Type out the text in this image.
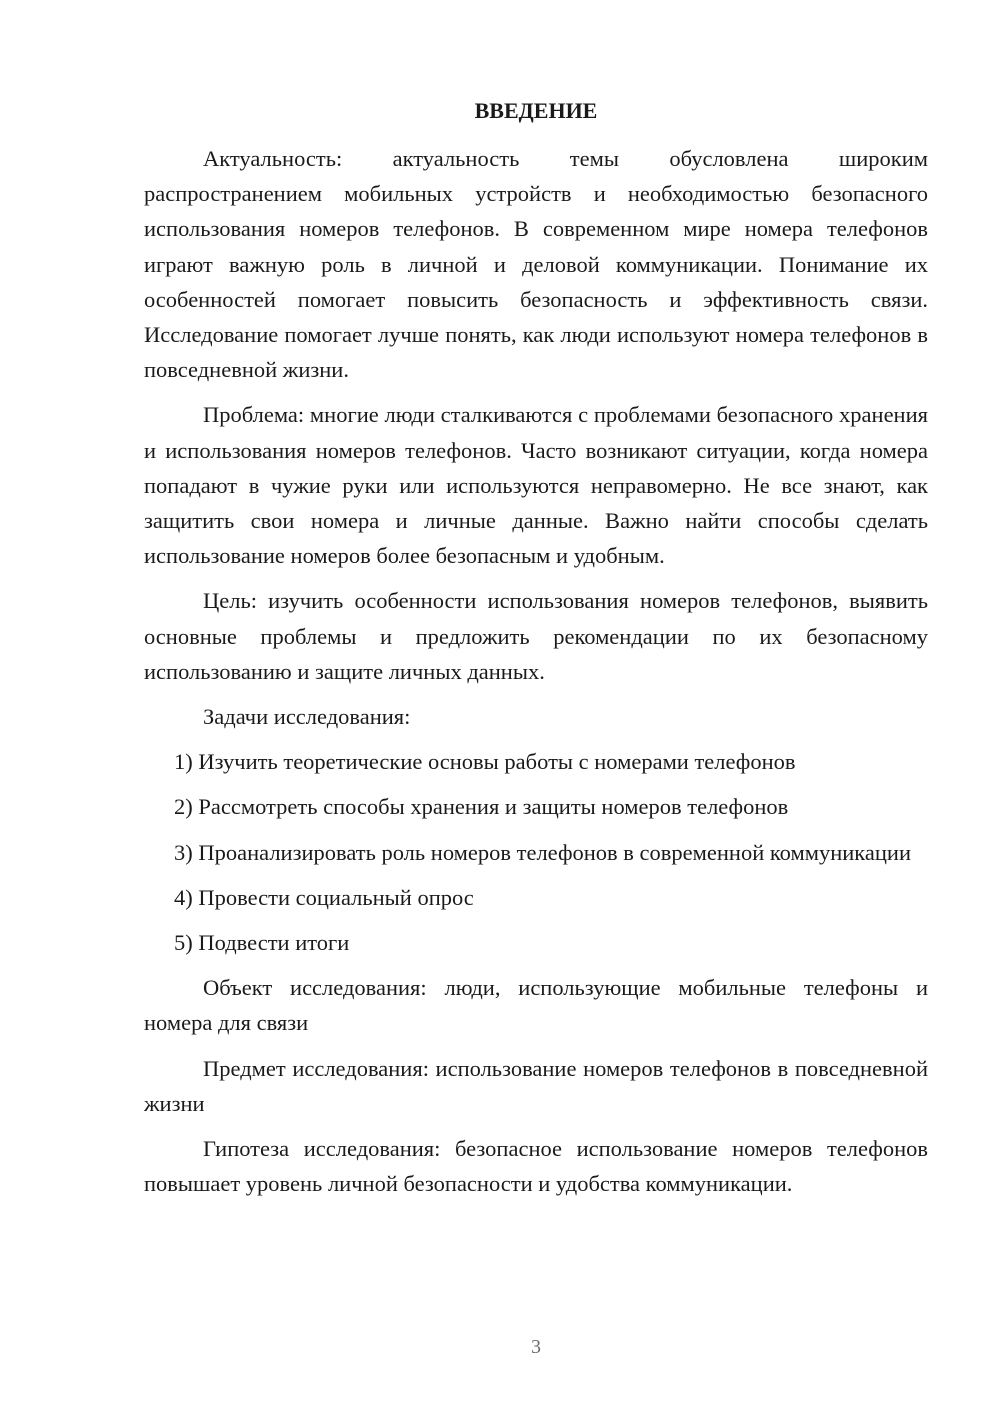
ВВЕДЕНИЕ

Актуальность: актуальность темы обусловлена широким распространением мобильных устройств и необходимостью безопасного использования номеров телефонов. В современном мире номера телефонов играют важную роль в личной и деловой коммуникации. Понимание их особенностей помогает повысить безопасность и эффективность связи. Исследование помогает лучше понять, как люди используют номера телефонов в повседневной жизни.

Проблема: многие люди сталкиваются с проблемами безопасного хранения и использования номеров телефонов. Часто возникают ситуации, когда номера попадают в чужие руки или используются неправомерно. Не все знают, как защитить свои номера и личные данные. Важно найти способы сделать использование номеров более безопасным и удобным.

Цель: изучить особенности использования номеров телефонов, выявить основные проблемы и предложить рекомендации по их безопасному использованию и защите личных данных.

Задачи исследования:

1) Изучить теоретические основы работы с номерами телефонов

2) Рассмотреть способы хранения и защиты номеров телефонов

3) Проанализировать роль номеров телефонов в современной коммуникации

4) Провести социальный опрос

5) Подвести итоги

Объект исследования: люди, использующие мобильные телефоны и номера для связи

Предмет исследования: использование номеров телефонов в повседневной жизни

Гипотеза исследования: безопасное использование номеров телефонов повышает уровень личной безопасности и удобства коммуникации.

3
